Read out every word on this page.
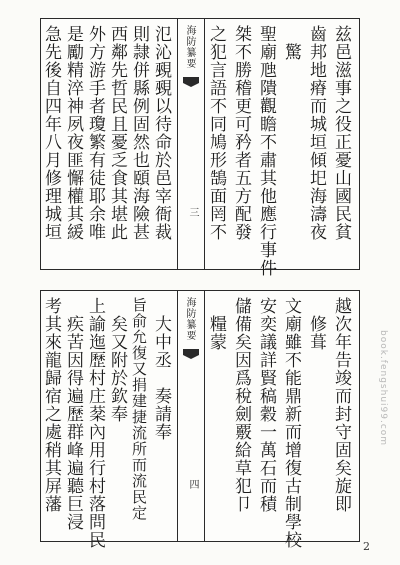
兹邑滋事之役正憂山國民貧
齒邦地瘠而城垣傾圯海濤夜
驚
聖廟虺隤觀瞻不肅其他應行事件
桀不勝稽更可矜者五方配發
之犯言語不同鳩形鵠面罔不
海防纂要
三
氾沁覡覡以待命於邑宰衙裁
則隷併縣例固然也頤海險甚
西鄰先哲民且憂乏食其堪此
外方游手者瓊繁有徒耶余唯
是勵精淬神夙夜匪懈權其緩
急先後自四年八月修理城垣
越次年告竣而封守固矣旋即
修葺
文廟雖不能鼎新而增復古制學校
安奕議詳賢稿穀一萬石而積
儲備矣因爲稅劍覈給草犯卩
糧蒙
海防纂要
四
大中丞　奏請奉
旨俞允復又捐建捷流所而流民定
矣又附於欽奉
上諭迤歷村庄棻內用行村落問民
疾苦因得遍歷群峰遍聽巨浸
考其來龍歸宿之處稍其屏藩	book.fengshui99.com
2
